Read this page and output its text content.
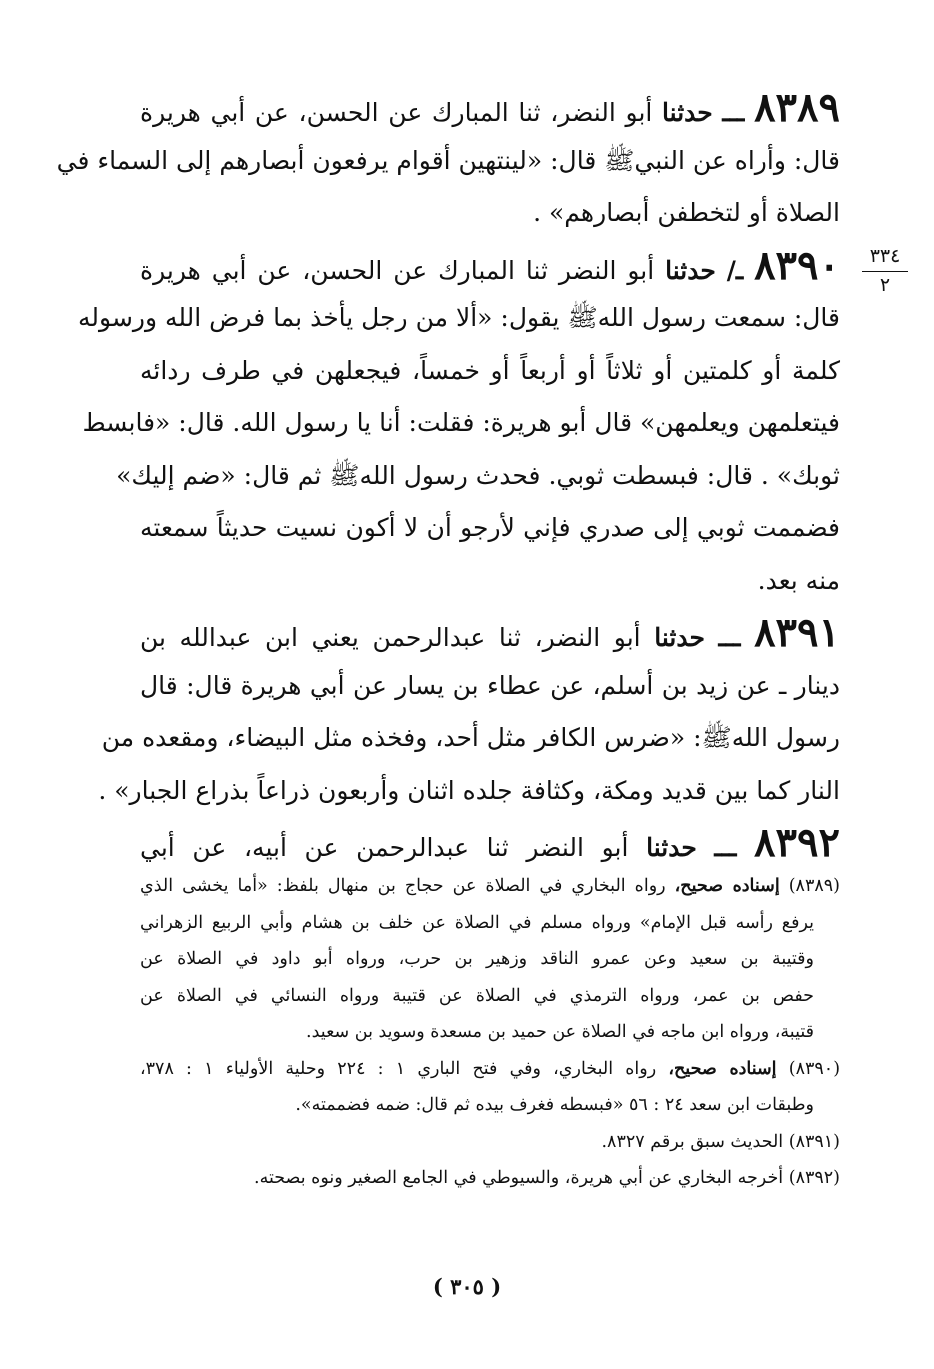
٣٣٤
٢
٨٣٨٩ ـــ حدثنا أبو النضر، ثنا المبارك عن الحسن، عن أبي هريرة
قال: وأراه عن النبيﷺ قال: «لينتهين أقوام يرفعون أبصارهم إلى السماء في
الصلاة أو لتخطفن أبصارهم» .
٨٣٩٠ ـ/ حدثنا أبو النضر ثنا المبارك عن الحسن، عن أبي هريرة
قال: سمعت رسول اللهﷺ يقول: «ألا من رجل يأخذ بما فرض الله ورسوله
كلمة أو كلمتين أو ثلاثاً أو أربعاً أو خمساً، فيجعلهن في طرف ردائه
فيتعلمهن ويعلمهن» قال أبو هريرة: فقلت: أنا يا رسول الله. قال: «فابسط
ثوبك» . قال: فبسطت ثوبي. فحدث رسول اللهﷺ ثم قال: «ضم إليك»
فضممت ثوبي إلى صدري فإني لأرجو أن لا أكون نسيت حديثاً سمعته
منه بعد.
٨٣٩١ ـــ حدثنا أبو النضر، ثنا عبدالرحمن يعني ابن عبدالله بن
دينار ـ عن زيد بن أسلم، عن عطاء بن يسار عن أبي هريرة قال: قال
رسول اللهﷺ: «ضرس الكافر مثل أحد، وفخذه مثل البيضاء، ومقعده من
النار كما بين قديد ومكة، وكثافة جلده اثنان وأربعون ذراعاً بذراع الجبار» .
٨٣٩٢ ـــ حدثنا أبو النضر ثنا عبدالرحمن عن أبيه، عن أبي
(٨٣٨٩) إسناده صحيح، رواه البخاري في الصلاة عن حجاج بن منهال بلفظ: «أما يخشى الذي
يرفع رأسه قبل الإمام» ورواه مسلم في الصلاة عن خلف بن هشام وأبي الربيع الزهراني
وقتيبة بن سعيد وعن عمرو الناقد وزهير بن حرب، ورواه أبو داود في الصلاة عن
حفص بن عمر، ورواه الترمذي في الصلاة عن قتيبة ورواه النسائي في الصلاة عن
قتيبة، ورواه ابن ماجه في الصلاة عن حميد بن مسعدة وسويد بن سعيد.
(٨٣٩٠) إسناده صحيح، رواه البخاري، وفي فتح الباري ١ : ٢٢٤ وحلية الأولياء ١ : ٣٧٨،
وطبقات ابن سعد ٢٤ : ٥٦ «فبسطه فغرف بيده ثم قال: ضمه فضممته».
(٨٣٩١) الحديث سبق برقم ٨٣٢٧.
(٨٣٩٢) أخرجه البخاري عن أبي هريرة، والسيوطي في الجامع الصغير ونوه بصحته.
( ٣٠٥ )
